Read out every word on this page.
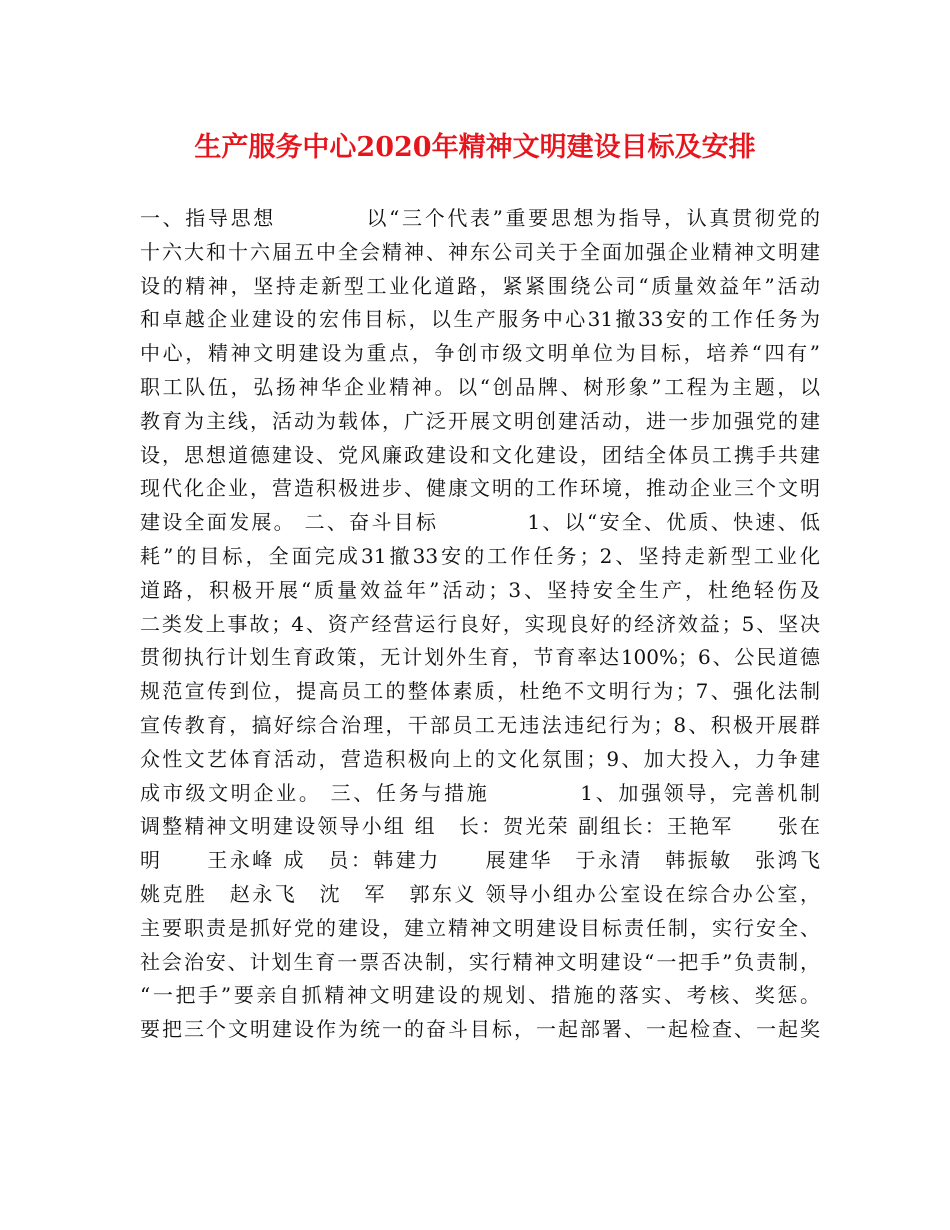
生产服务中心2020年精神文明建设目标及安排
一、指导思想　　　　以“三个代表”重要思想为指导，认真贯彻党的
十六大和十六届五中全会精神、神东公司关于全面加强企业精神文明建
设的精神，坚持走新型工业化道路，紧紧围绕公司“质量效益年”活动
和卓越企业建设的宏伟目标，以生产服务中心31撤33安的工作任务为
中心，精神文明建设为重点，争创市级文明单位为目标，培养“四有”
职工队伍，弘扬神华企业精神。以“创品牌、树形象”工程为主题，以
教育为主线，活动为载体，广泛开展文明创建活动，进一步加强党的建
设，思想道德建设、党风廉政建设和文化建设，团结全体员工携手共建
现代化企业，营造积极进步、健康文明的工作环境，推动企业三个文明
建设全面发展。 二、奋斗目标　　　　1、以“安全、优质、快速、低
耗”的目标，全面完成31撤33安的工作任务；2、坚持走新型工业化
道路，积极开展“质量效益年”活动；3、坚持安全生产，杜绝轻伤及
二类发上事故；4、资产经营运行良好，实现良好的经济效益；5、坚决
贯彻执行计划生育政策，无计划外生育，节育率达100%；6、公民道德
规范宣传到位，提高员工的整体素质，杜绝不文明行为；7、强化法制
宣传教育，搞好综合治理，干部员工无违法违纪行为；8、积极开展群
众性文艺体育活动，营造积极向上的文化氛围；9、加大投入，力争建
成市级文明企业。 三、任务与措施　　　　1、加强领导，完善机制
调整精神文明建设领导小组 组　长：贺光荣 副组长：王艳军　　张在
明　　王永峰 成　员：韩建力　　展建华　于永清　韩振敏　张鸿飞
姚克胜　赵永飞　沈　军　郭东义 领导小组办公室设在综合办公室，
主要职责是抓好党的建设，建立精神文明建设目标责任制，实行安全、
社会治安、计划生育一票否决制，实行精神文明建设“一把手”负责制，
“一把手”要亲自抓精神文明建设的规划、措施的落实、考核、奖惩。
要把三个文明建设作为统一的奋斗目标，一起部署、一起检查、一起奖
